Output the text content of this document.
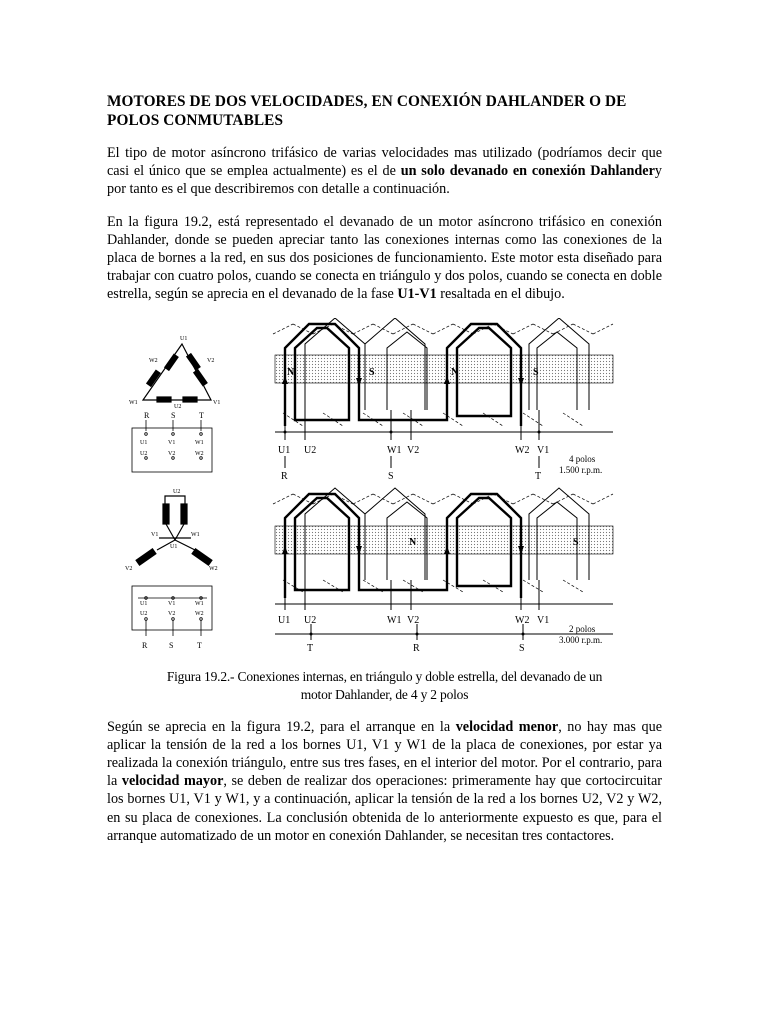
MOTORES DE DOS VELOCIDADES, EN CONEXIÓN DAHLANDER O DE POLOS CONMUTABLES

El tipo de motor asíncrono trifásico de varias velocidades mas utilizado (podríamos decir que casi el único que se emplea actualmente) es el de un solo devanado en conexión Dahlandery por tanto es el que describiremos con detalle a continuación.

En la figura 19.2, está representado el devanado de un motor asíncrono trifásico en conexión Dahlander, donde se pueden apreciar tanto las conexiones internas como las conexiones de la placa de bornes a la red, en sus dos posiciones de funcionamiento. Este motor esta diseñado para trabajar con cuatro polos, cuando se conecta en triángulo y dos polos, cuando se conecta en doble estrella, según se aprecia en el devanado de la fase U1-V1 resaltada en el dibujo.

U1
W2	V2
W1	V1
U2
R	S	T
U1	V1	W1
U2	V2	W2
U2
V1	W1
U1
V2	W2
U1	V1	W1
U2	V2	W2
R	S	T
N	S	N	S
U1 U2	W1 V2	W2 V1
R	S	T
4 polos
1.500 r.p.m.
N	S
U1 U2	W1 V2	W2 V1
T	R	S
2 polos
3.000 r.p.m.
Figura 19.2.- Conexiones internas, en triángulo y doble estrella, del devanado de un
motor Dahlander, de 4 y 2 polos

Según se aprecia en la figura 19.2, para el arranque en la velocidad menor, no hay mas que aplicar la tensión de la red a los bornes U1, V1 y W1 de la placa de conexiones, por estar ya realizada la conexión triángulo, entre sus tres fases, en el interior del motor. Por el contrario, para la velocidad mayor, se deben de realizar dos operaciones: primeramente hay que cortocircuitar los bornes U1, V1 y W1, y a continuación, aplicar la tensión de la red a los bornes U2, V2 y W2, en su placa de conexiones. La conclusión obtenida de lo anteriormente expuesto es que, para el arranque automatizado de un motor en conexión Dahlander, se necesitan tres contactores.
